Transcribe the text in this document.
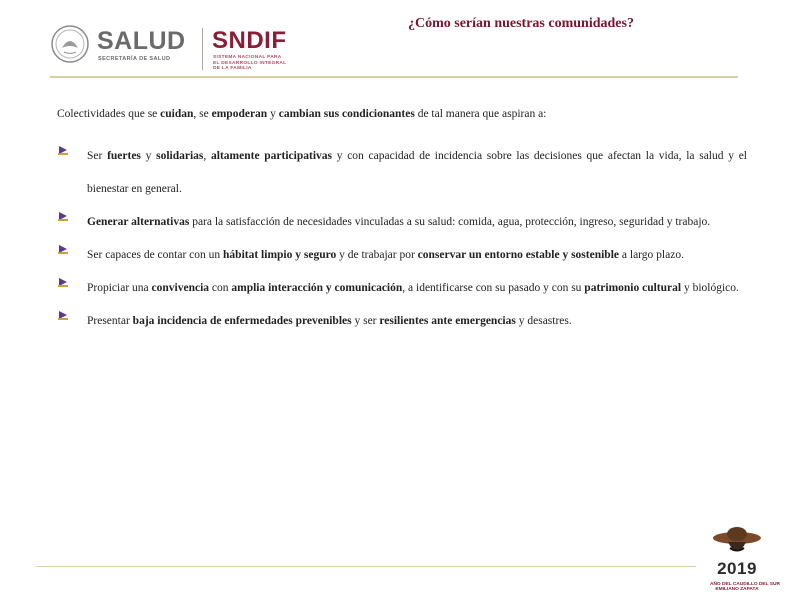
SALUD
SECRETARÍA DE SALUD
SNDIF
SISTEMA NACIONAL PARA
EL DESARROLLO INTEGRAL
DE LA FAMILIA
¿Cómo serían nuestras comunidades?

Colectividades que se cuidan, se empoderan y cambian sus condicionantes de tal manera que aspiran a:

Ser fuertes y solidarias, altamente participativas y con capacidad de incidencia sobre las decisiones que afectan la vida, la salud y el bienestar en general.
Generar alternativas para la satisfacción de necesidades vinculadas a su salud: comida, agua, protección, ingreso, seguridad y trabajo.
Ser capaces de contar con un hábitat limpio y seguro y de trabajar por conservar un entorno estable y sostenible a largo plazo.
Propiciar una convivencia con amplia interacción y comunicación, a identificarse con su pasado y con su patrimonio cultural y biológico.
Presentar baja incidencia de enfermedades prevenibles y ser resilientes ante emergencias y desastres.
2019
AÑO DEL CAUDILLO DEL SUR
EMILIANO ZAPATA
